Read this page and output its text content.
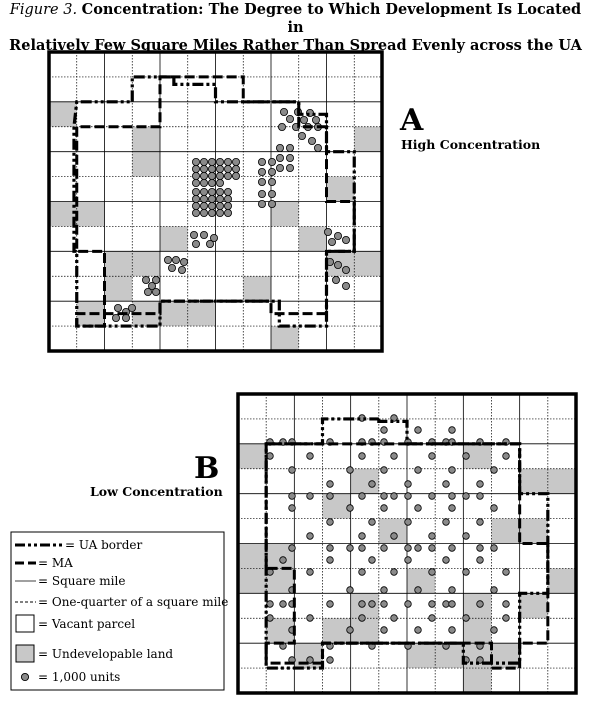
Figure 3. Concentration: The Degree to Which Development Is Located in
Relatively Few Square Miles Rather Than Spread Evenly across the UA
A
High Concentration
B
Low Concentration
= UA border
= MA
= Square mile
= One-quarter of a square mile
= Vacant parcel
= Undevelopable land
= 1,000 units
